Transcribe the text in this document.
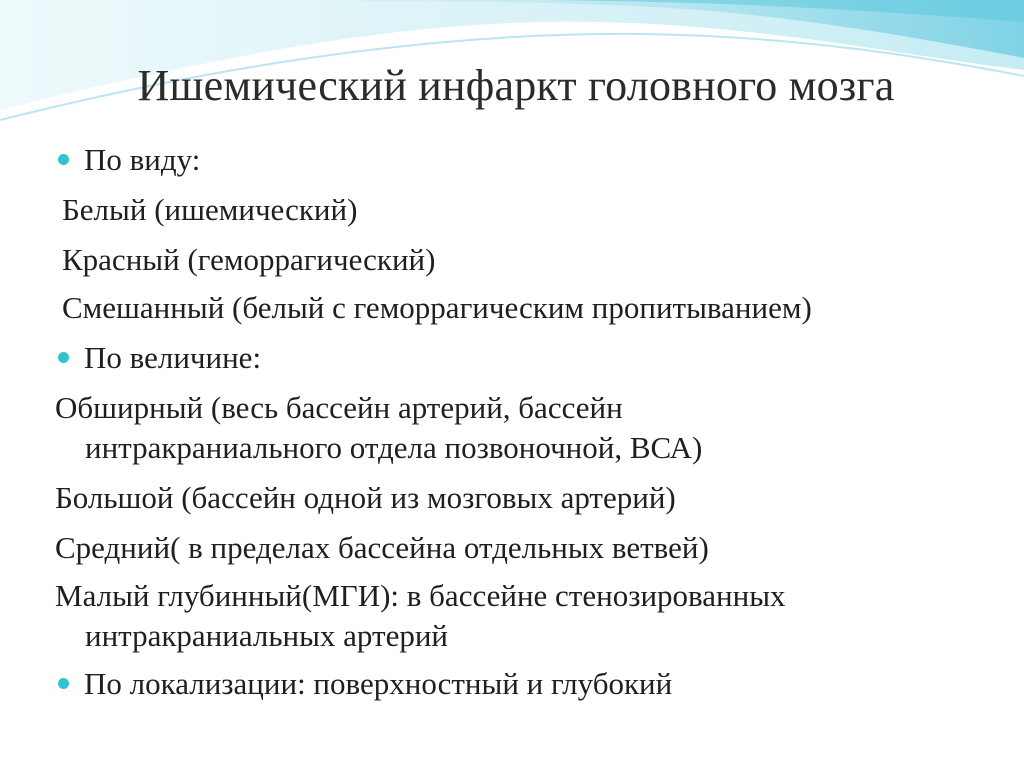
Ишемический инфаркт головного мозга
По виду:
Белый (ишемический)
Красный (геморрагический)
Смешанный (белый с геморрагическим пропитыванием)
По величине:
Обширный (весь бассейн артерий, бассейн
интракраниального отдела позвоночной, ВСА)
Большой (бассейн одной из мозговых артерий)
Средний( в пределах бассейна отдельных ветвей)
Малый глубинный(МГИ): в бассейне стенозированных
интракраниальных артерий
По локализации: поверхностный и глубокий
